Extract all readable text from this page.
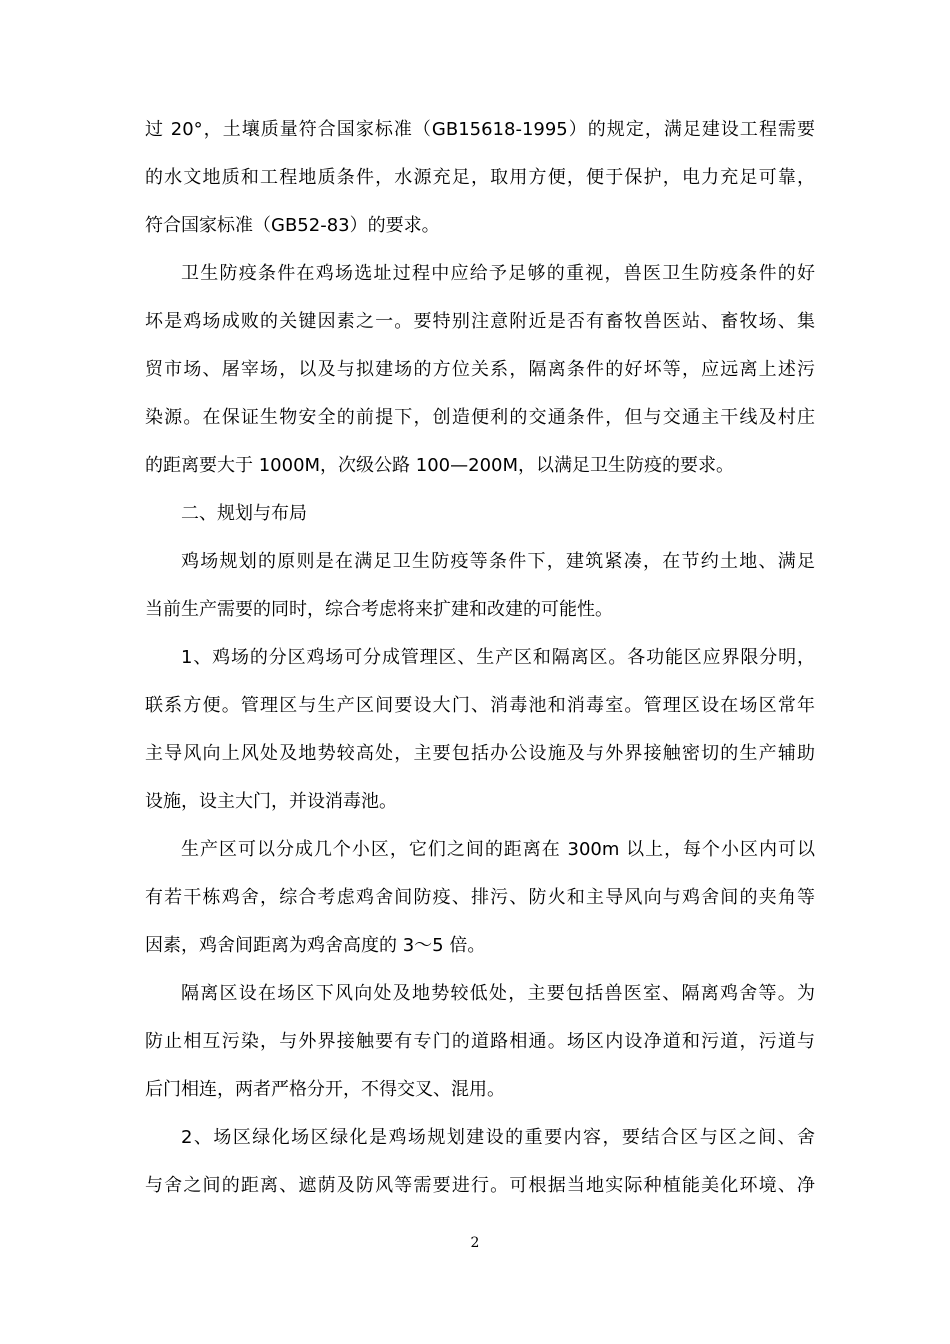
过 20°，土壤质量符合国家标准（GB15618-1995）的规定，满足建设工程需要
的水文地质和工程地质条件，水源充足，取用方便，便于保护，电力充足可靠，
符合国家标准（GB52-83）的要求。
卫生防疫条件在鸡场选址过程中应给予足够的重视，兽医卫生防疫条件的好
坏是鸡场成败的关键因素之一。要特别注意附近是否有畜牧兽医站、畜牧场、集
贸市场、屠宰场，以及与拟建场的方位关系，隔离条件的好坏等，应远离上述污
染源。在保证生物安全的前提下，创造便利的交通条件，但与交通主干线及村庄
的距离要大于 1000M，次级公路 100—200M，以满足卫生防疫的要求。
二、规划与布局
鸡场规划的原则是在满足卫生防疫等条件下，建筑紧凑，在节约土地、满足
当前生产需要的同时，综合考虑将来扩建和改建的可能性。
1、鸡场的分区鸡场可分成管理区、生产区和隔离区。各功能区应界限分明，
联系方便。管理区与生产区间要设大门、消毒池和消毒室。管理区设在场区常年
主导风向上风处及地势较高处，主要包括办公设施及与外界接触密切的生产辅助
设施，设主大门，并设消毒池。
生产区可以分成几个小区，它们之间的距离在 300m 以上，每个小区内可以
有若干栋鸡舍，综合考虑鸡舍间防疫、排污、防火和主导风向与鸡舍间的夹角等
因素，鸡舍间距离为鸡舍高度的 3～5 倍。
隔离区设在场区下风向处及地势较低处，主要包括兽医室、隔离鸡舍等。为
防止相互污染，与外界接触要有专门的道路相通。场区内设净道和污道，污道与
后门相连，两者严格分开，不得交叉、混用。
2、场区绿化场区绿化是鸡场规划建设的重要内容，要结合区与区之间、舍
与舍之间的距离、遮荫及防风等需要进行。可根据当地实际种植能美化环境、净
2
